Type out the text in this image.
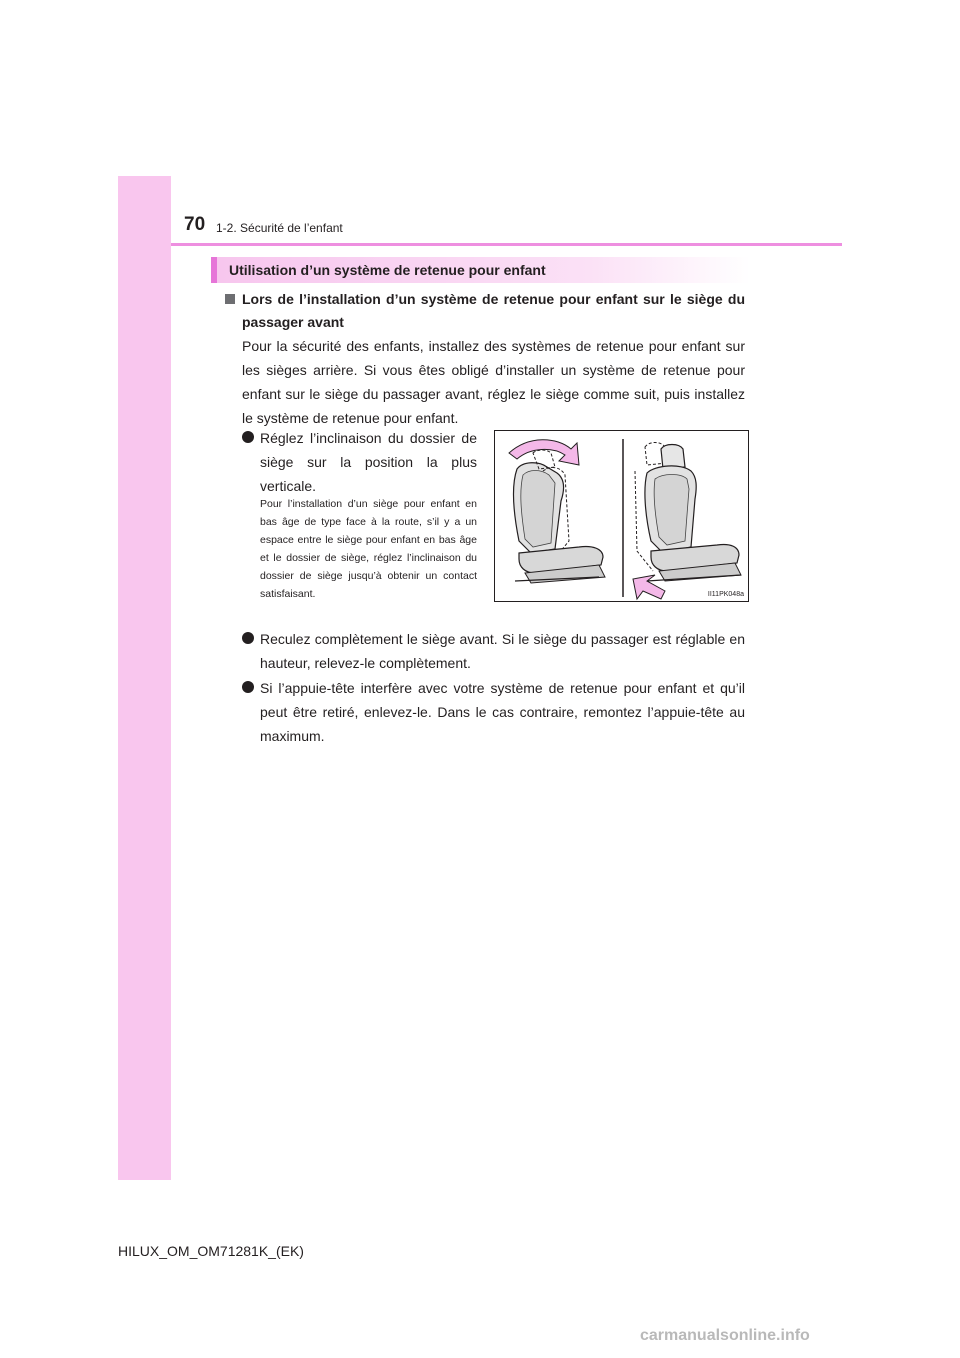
70 1-2. Sécurité de l’enfant
Utilisation d’un système de retenue pour enfant
Lors de l’installation d’un système de retenue pour enfant sur le siège du passager avant
Pour la sécurité des enfants, installez des systèmes de retenue pour enfant sur les sièges arrière. Si vous êtes obligé d’installer un système de retenue pour enfant sur le siège du passager avant, réglez le siège comme suit, puis installez le système de retenue pour enfant.
Réglez l’inclinaison du dossier de siège sur la position la plus verticale.
Pour l’installation d’un siège pour enfant en bas âge de type face à la route, s’il y a un espace entre le siège pour enfant en bas âge et le dossier de siège, réglez l’inclinaison du dossier de siège jusqu’à obtenir un contact satisfaisant.	II11PK048a
Reculez complètement le siège avant. Si le siège du passager est réglable en hauteur, relevez-le complètement.
Si l’appuie-tête interfère avec votre système de retenue pour enfant et qu’il peut être retiré, enlevez-le. Dans le cas contraire, remontez l’appuie-tête au maximum.
HILUX_OM_OM71281K_(EK)
carmanualsonline.info
